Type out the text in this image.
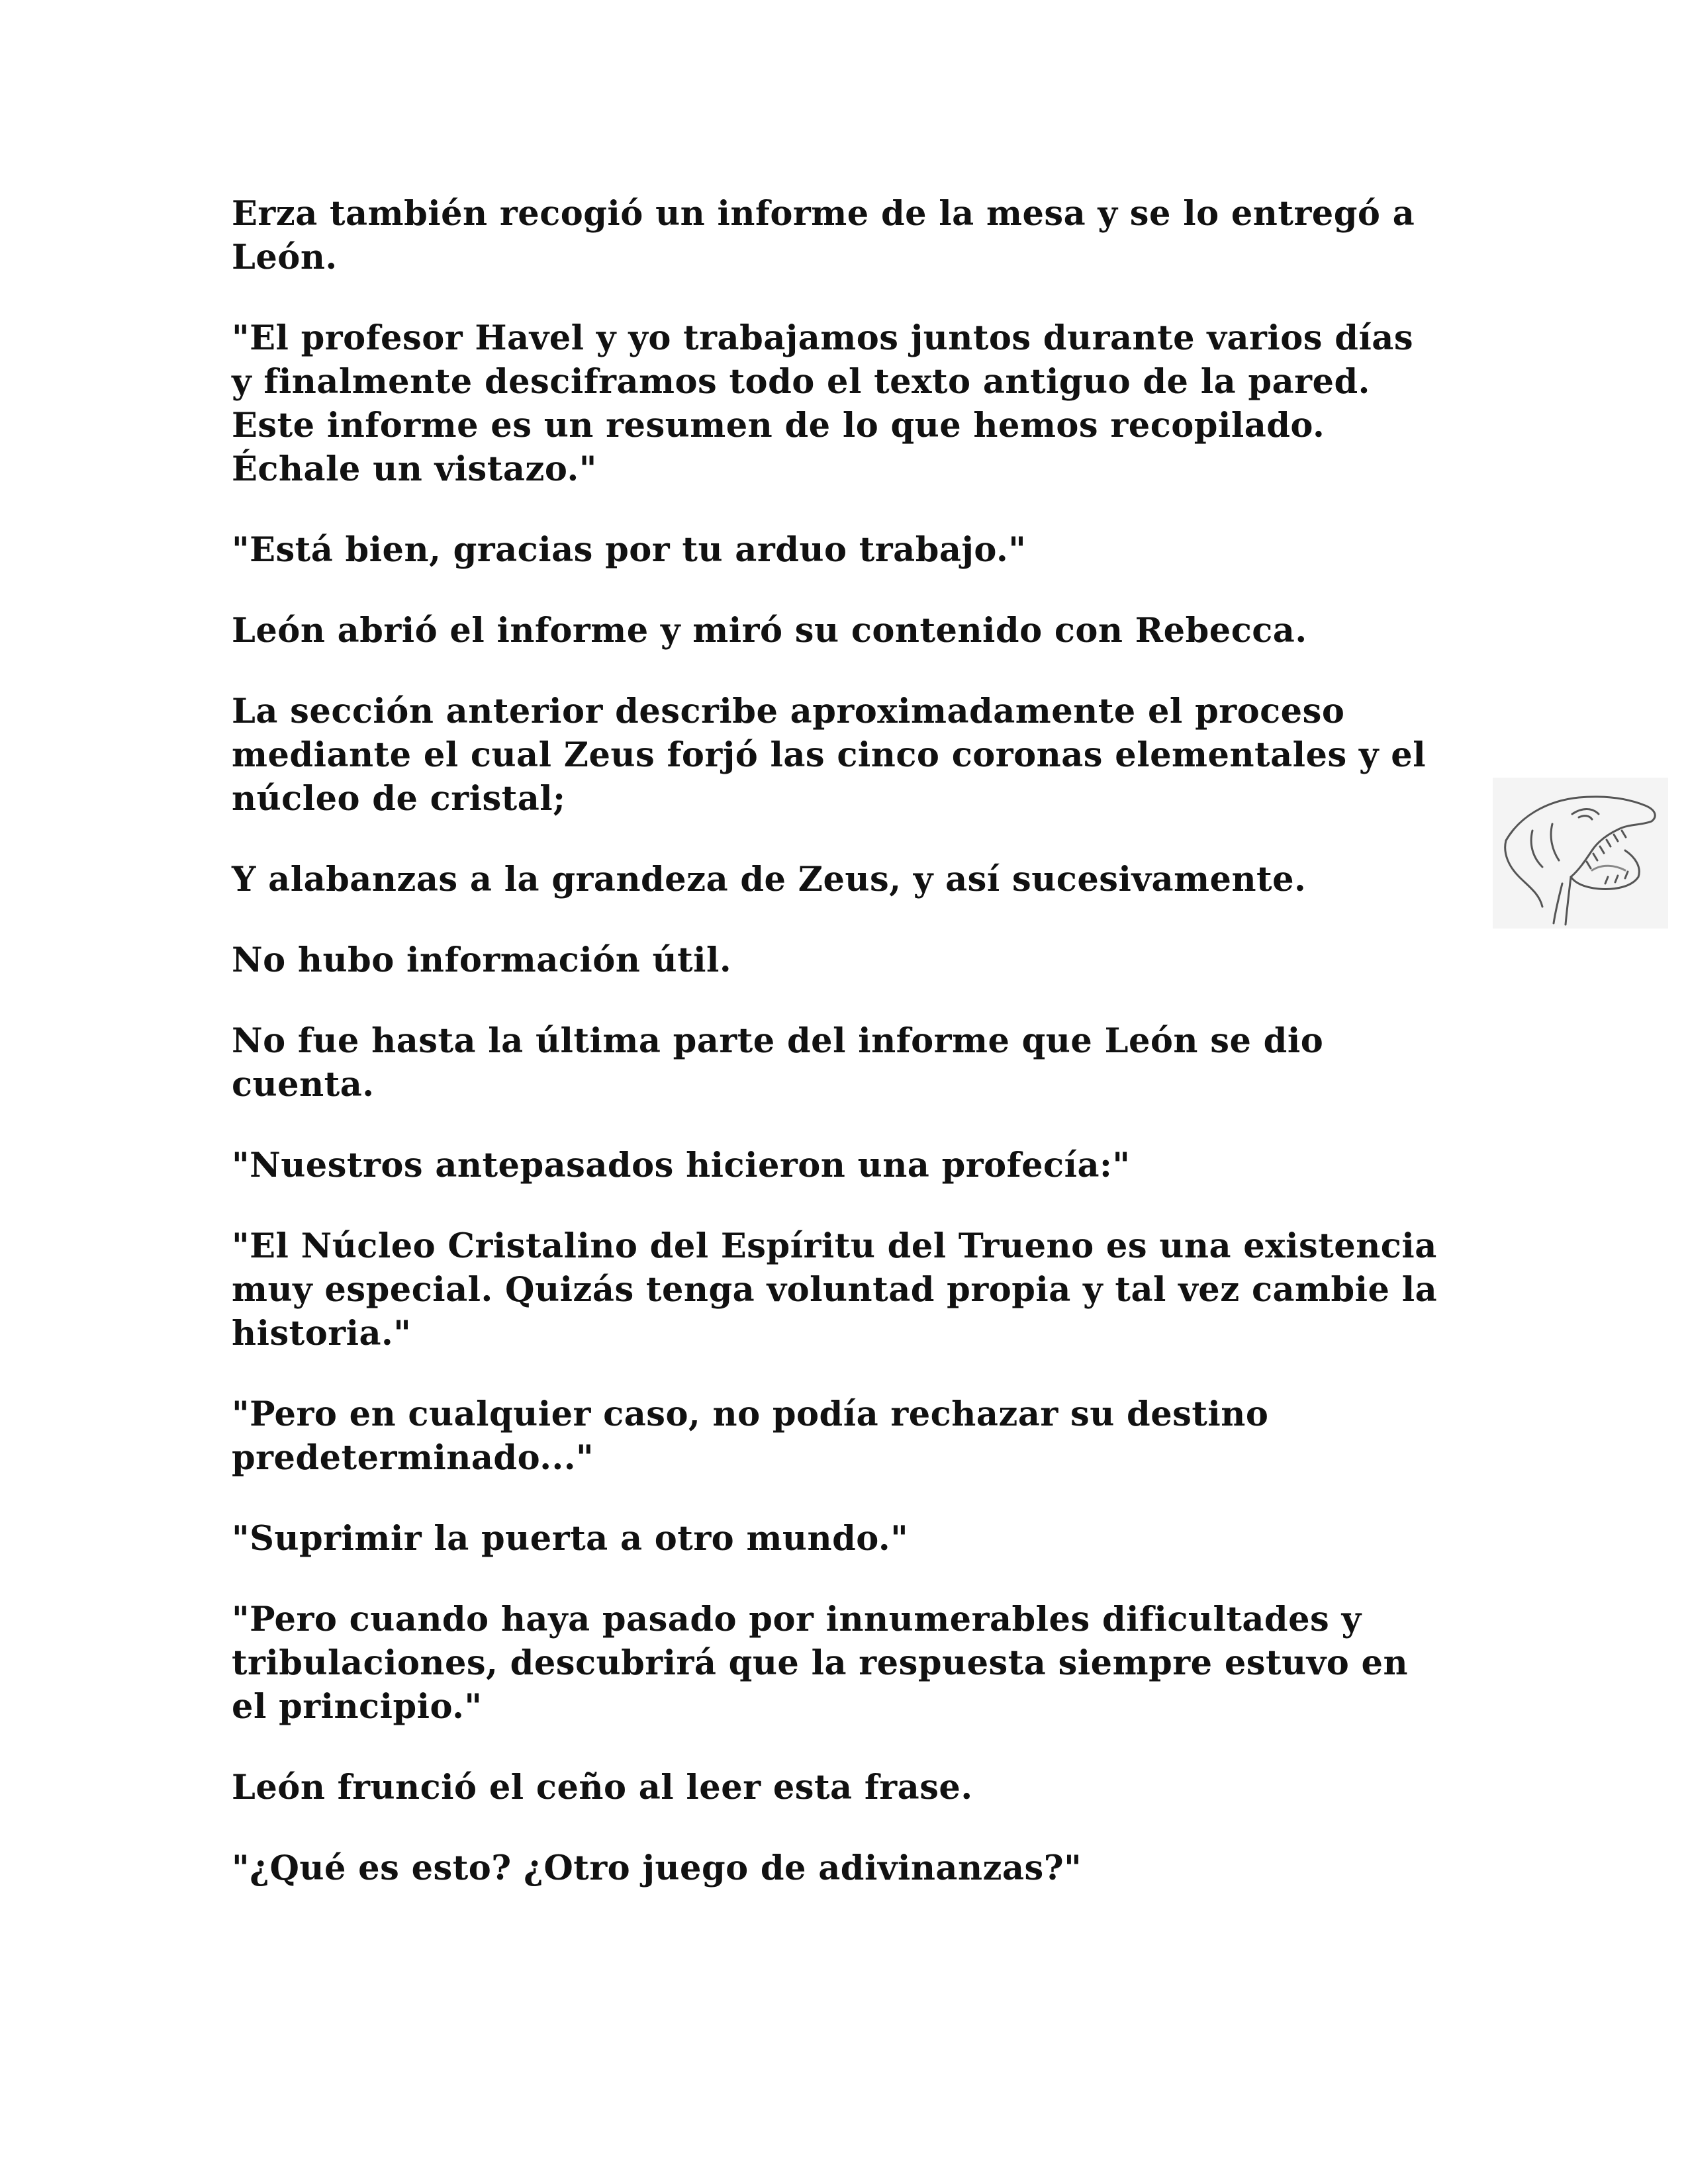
Erza también recogió un informe de la mesa y se lo entregó a
León.

"El profesor Havel y yo trabajamos juntos durante varios días
y finalmente desciframos todo el texto antiguo de la pared.
Este informe es un resumen de lo que hemos recopilado.
Échale un vistazo."

"Está bien, gracias por tu arduo trabajo."

León abrió el informe y miró su contenido con Rebecca.

La sección anterior describe aproximadamente el proceso
mediante el cual Zeus forjó las cinco coronas elementales y el
núcleo de cristal;

Y alabanzas a la grandeza de Zeus, y así sucesivamente.

No hubo información útil.

No fue hasta la última parte del informe que León se dio
cuenta.

"Nuestros antepasados hicieron una profecía:"

"El Núcleo Cristalino del Espíritu del Trueno es una existencia
muy especial. Quizás tenga voluntad propia y tal vez cambie la
historia."

"Pero en cualquier caso, no podía rechazar su destino
predeterminado..."

"Suprimir la puerta a otro mundo."

"Pero cuando haya pasado por innumerables dificultades y
tribulaciones, descubrirá que la respuesta siempre estuvo en
el principio."

León frunció el ceño al leer esta frase.

"¿Qué es esto? ¿Otro juego de adivinanzas?"
